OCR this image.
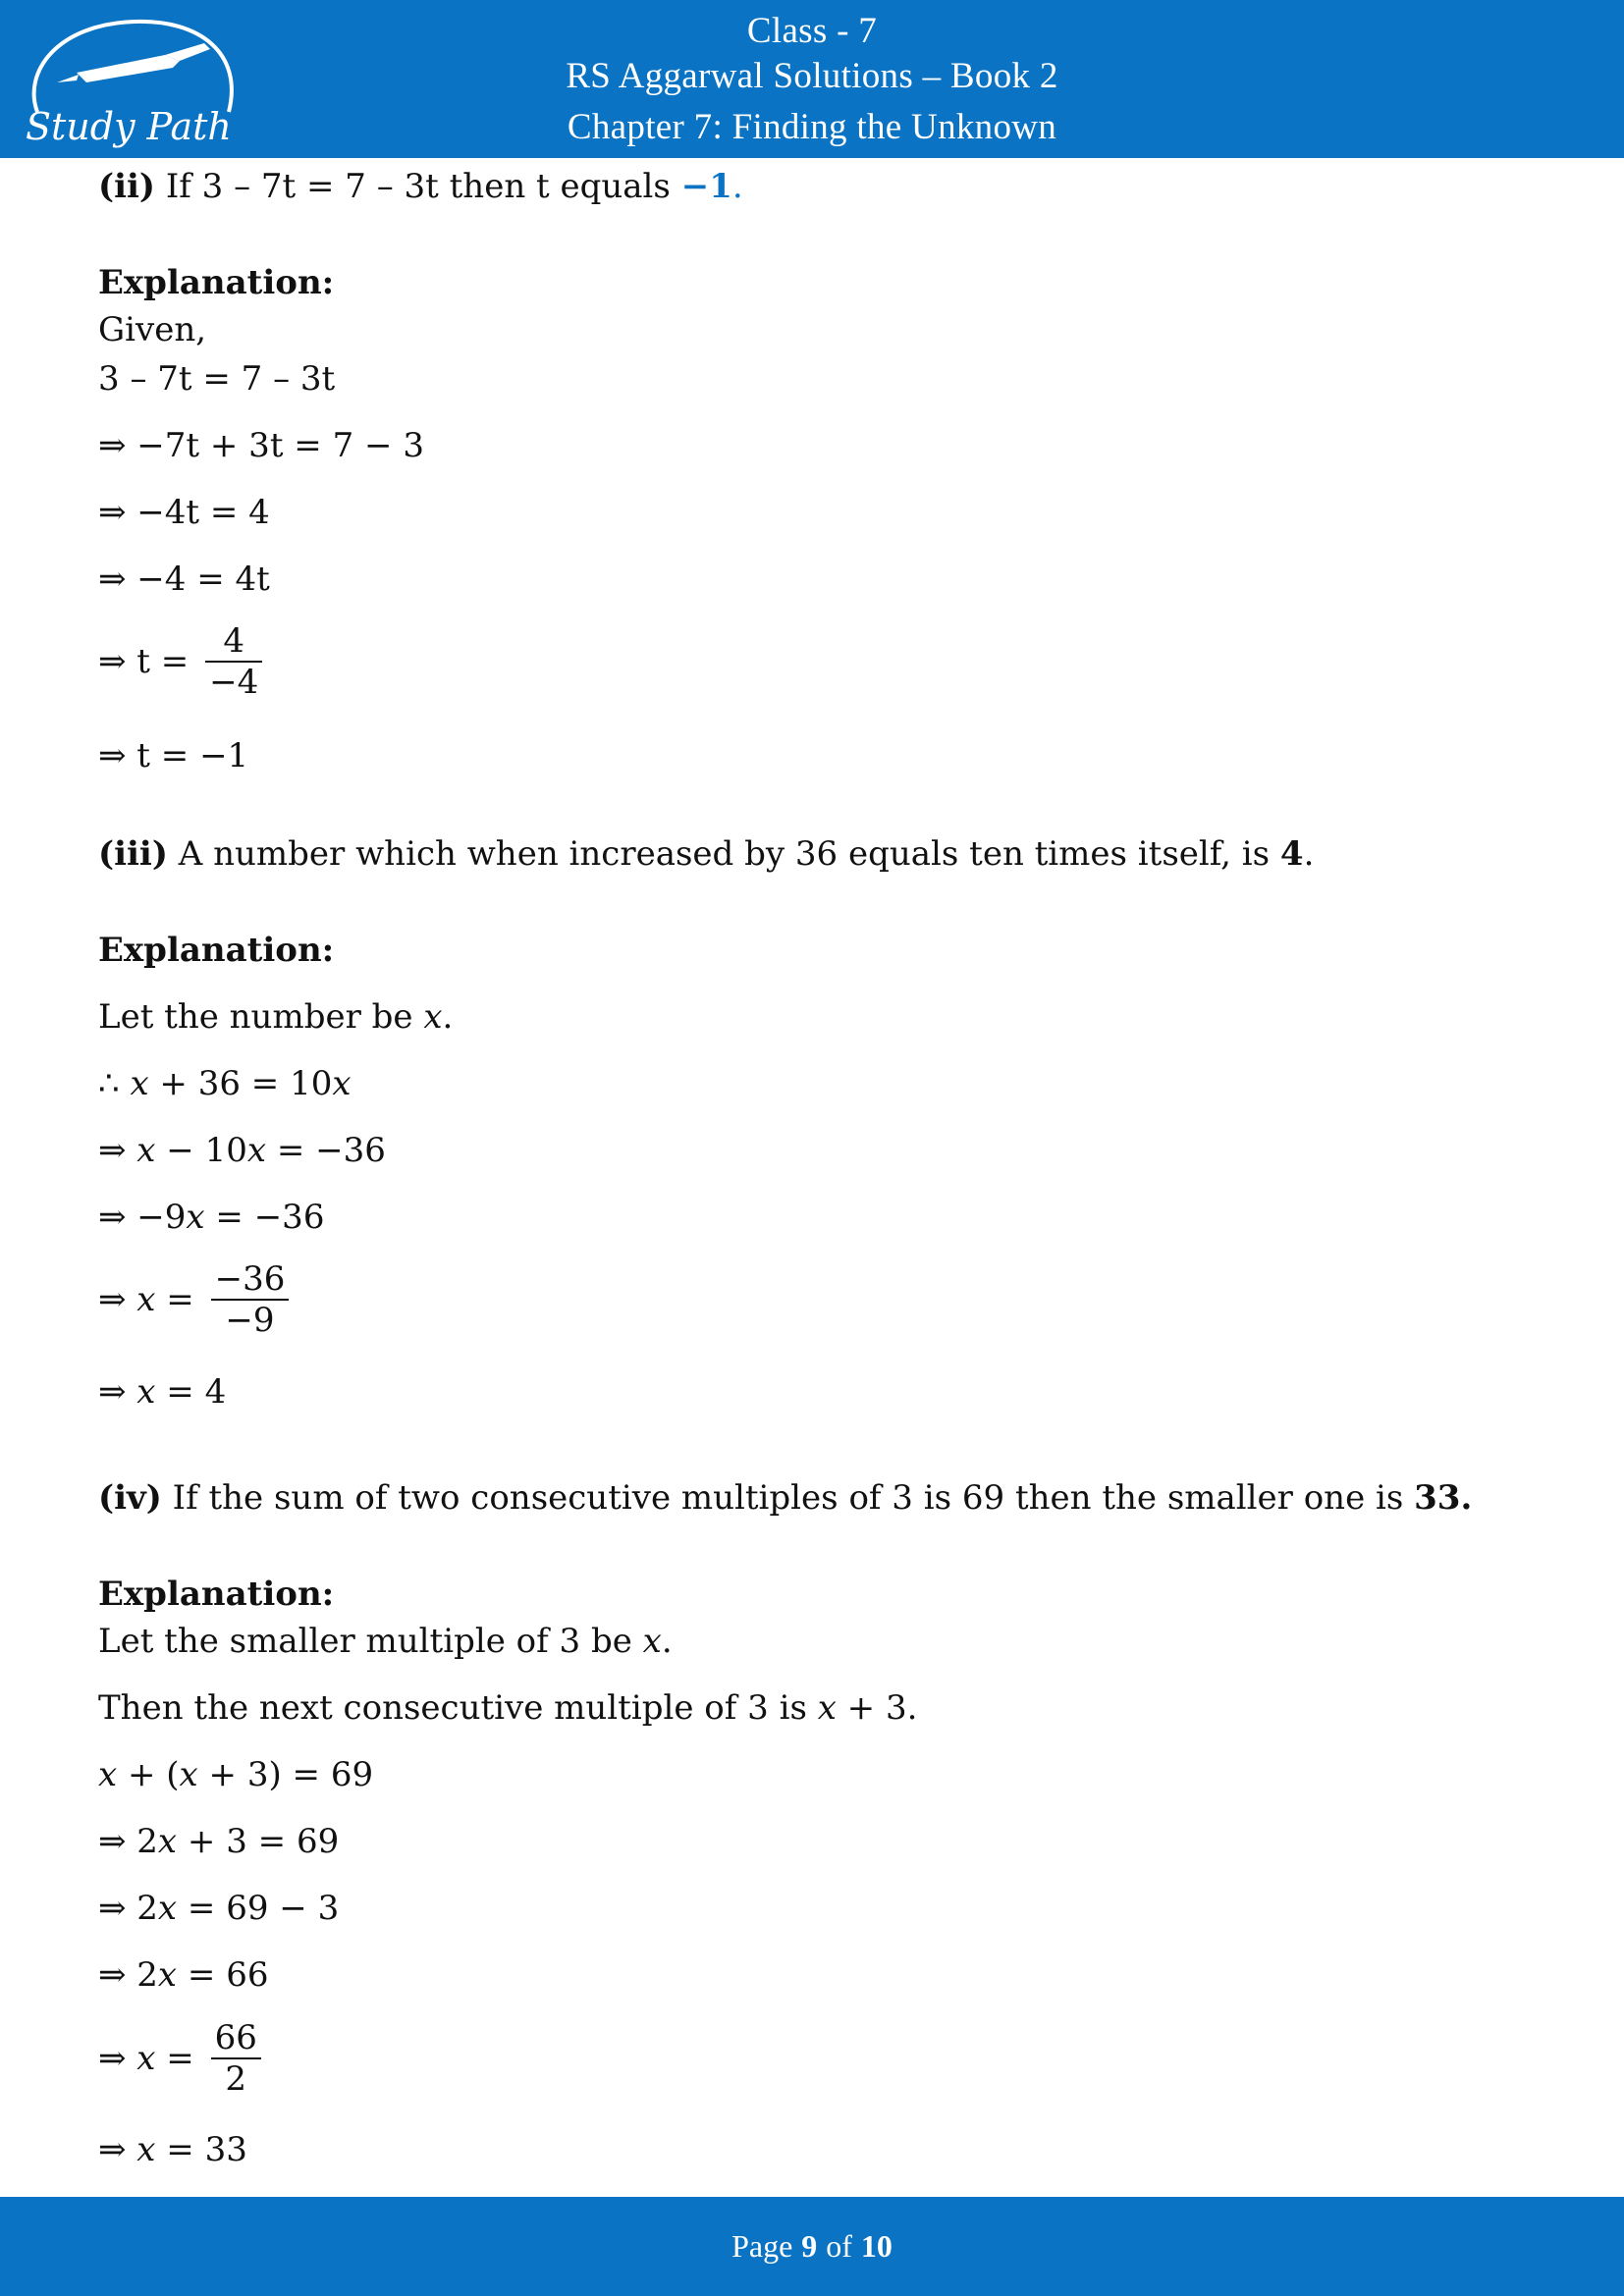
Study Path
Class - 7
RS Aggarwal Solutions – Book 2
Chapter 7: Finding the Unknown
(ii) If 3 – 7t = 7 – 3t then t equals −1.
Explanation:
Given,
3 – 7t = 7 – 3t
⇒ −7t + 3t = 7 − 3
⇒ −4t = 4
⇒ −4 = 4t
⇒ $t = \frac{4}{-4}$
⇒ t = −1
(iii) A number which when increased by 36 equals ten times itself, is 4.
Explanation:
Let the number be 𝑥.
∴ 𝑥 + 36 = 10𝑥
⇒ 𝑥 − 10𝑥 = −36
⇒ −9𝑥 = −36
⇒ 𝑥 = $\frac{-36}{-9}$
⇒ 𝑥 = 4
(iv) If the sum of two consecutive multiples of 3 is 69 then the smaller one is 33.
Explanation:
Let the smaller multiple of 3 be 𝑥.
Then the next consecutive multiple of 3 is 𝑥 + 3.
𝑥 + (𝑥 + 3) = 69
⇒ 2𝑥 + 3 = 69
⇒ 2𝑥 = 69 − 3
⇒ 2𝑥 = 66
⇒ 𝑥 = $\frac{66}{2}$
⇒ 𝑥 = 33
Page 9 of 10
